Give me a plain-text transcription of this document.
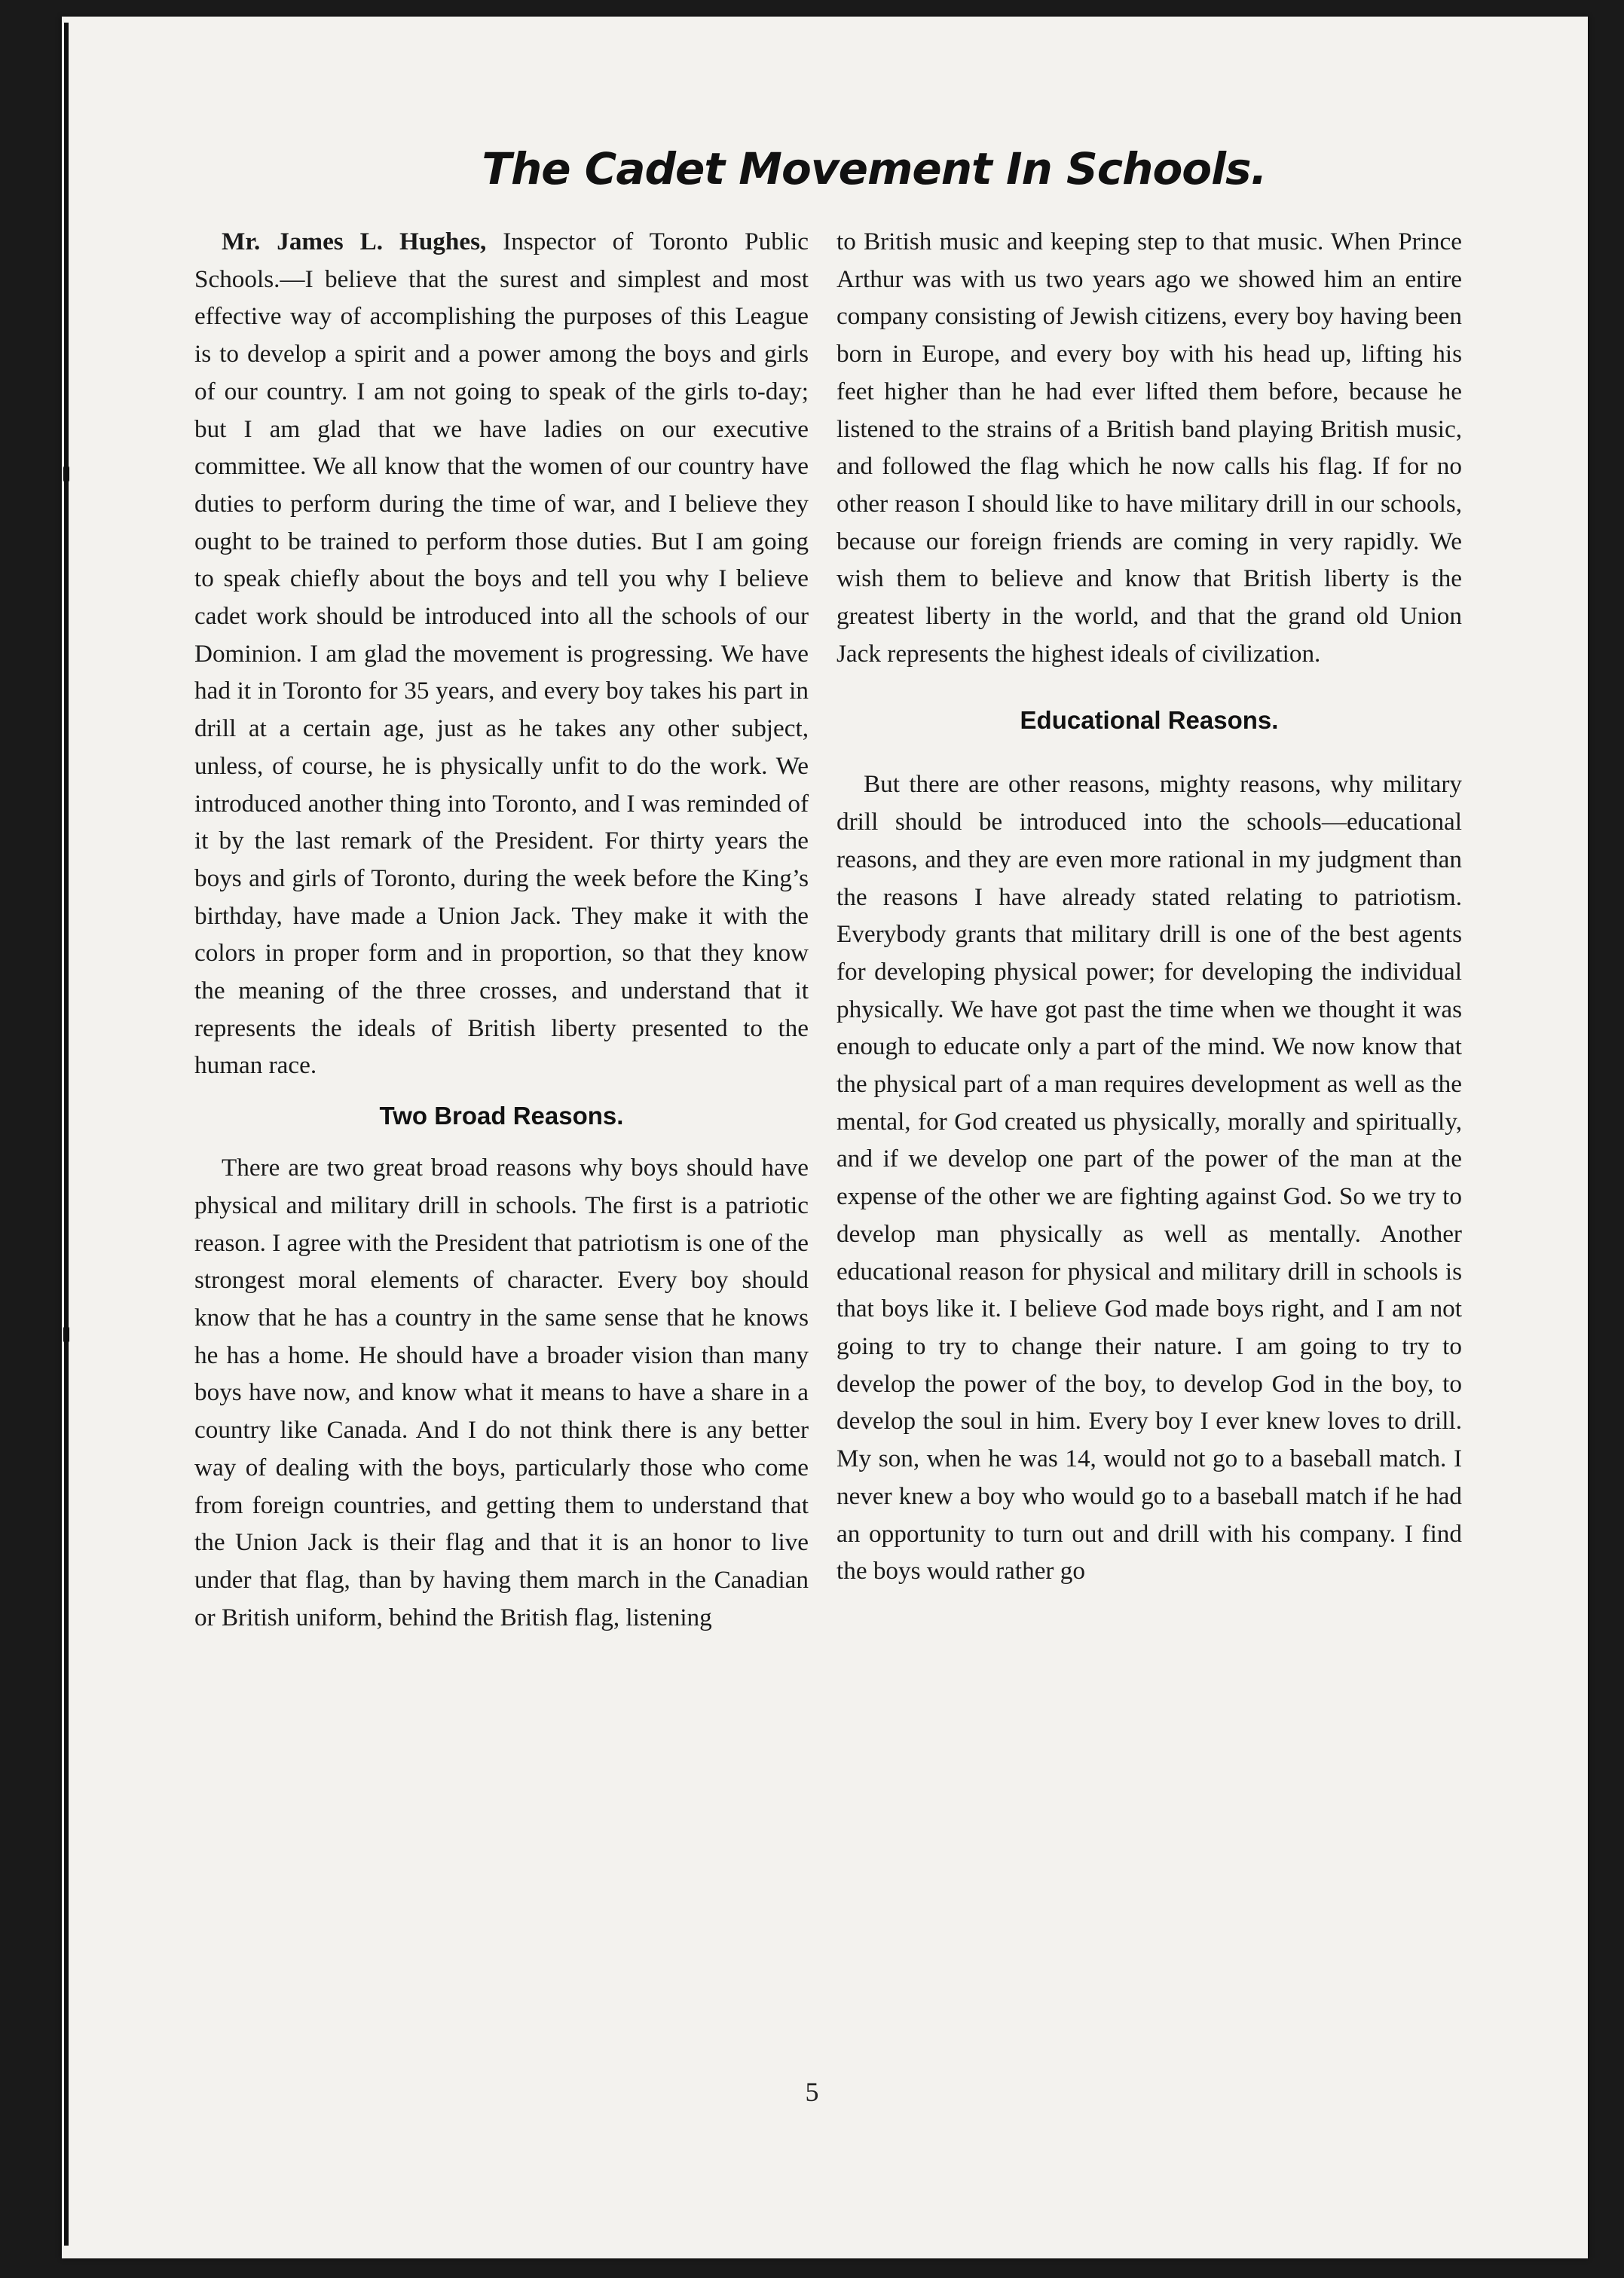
The Cadet Movement In Schools.

Mr. James L. Hughes, Inspector of Toronto Public Schools.—I believe that the surest and simplest and most effective way of accomplishing the purposes of this League is to develop a spirit and a power among the boys and girls of our country. I am not going to speak of the girls to-day; but I am glad that we have ladies on our executive committee. We all know that the women of our country have duties to perform during the time of war, and I believe they ought to be trained to perform those duties. But I am going to speak chiefly about the boys and tell you why I believe cadet work should be introduced into all the schools of our Dominion. I am glad the movement is progressing. We have had it in Toronto for 35 years, and every boy takes his part in drill at a certain age, just as he takes any other subject, unless, of course, he is physically unfit to do the work. We introduced another thing into Toronto, and I was reminded of it by the last remark of the President. For thirty years the boys and girls of Toronto, during the week before the King’s birthday, have made a Union Jack. They make it with the colors in proper form and in proportion, so that they know the meaning of the three crosses, and understand that it represents the ideals of British liberty presented to the human race.

Two Broad Reasons.

There are two great broad reasons why boys should have physical and military drill in schools. The first is a patriotic reason. I agree with the President that patriotism is one of the strongest moral elements of character. Every boy should know that he has a country in the same sense that he knows he has a home. He should have a broader vision than many boys have now, and know what it means to have a share in a country like Canada. And I do not think there is any better way of dealing with the boys, particularly those who come from foreign countries, and getting them to understand that the Union Jack is their flag and that it is an honor to live under that flag, than by having them march in the Canadian or British uniform, behind the British flag, listening

to British music and keeping step to that music. When Prince Arthur was with us two years ago we showed him an entire company consisting of Jewish citizens, every boy having been born in Europe, and every boy with his head up, lifting his feet higher than he had ever lifted them before, because he listened to the strains of a British band playing British music, and followed the flag which he now calls his flag. If for no other reason I should like to have military drill in our schools, because our foreign friends are coming in very rapidly. We wish them to believe and know that British liberty is the greatest liberty in the world, and that the grand old Union Jack represents the highest ideals of civilization.

Educational Reasons.

But there are other reasons, mighty reasons, why military drill should be introduced into the schools—educational reasons, and they are even more rational in my judgment than the reasons I have already stated relating to patriotism. Everybody grants that military drill is one of the best agents for developing physical power; for developing the individual physically. We have got past the time when we thought it was enough to educate only a part of the mind. We now know that the physical part of a man requires development as well as the mental, for God created us physically, morally and spiritually, and if we develop one part of the power of the man at the expense of the other we are fighting against God. So we try to develop man physically as well as mentally. Another educational reason for physical and military drill in schools is that boys like it. I believe God made boys right, and I am not going to try to change their nature. I am going to try to develop the power of the boy, to develop God in the boy, to develop the soul in him. Every boy I ever knew loves to drill. My son, when he was 14, would not go to a baseball match. I never knew a boy who would go to a baseball match if he had an opportunity to turn out and drill with his company. I find the boys would rather go

5
